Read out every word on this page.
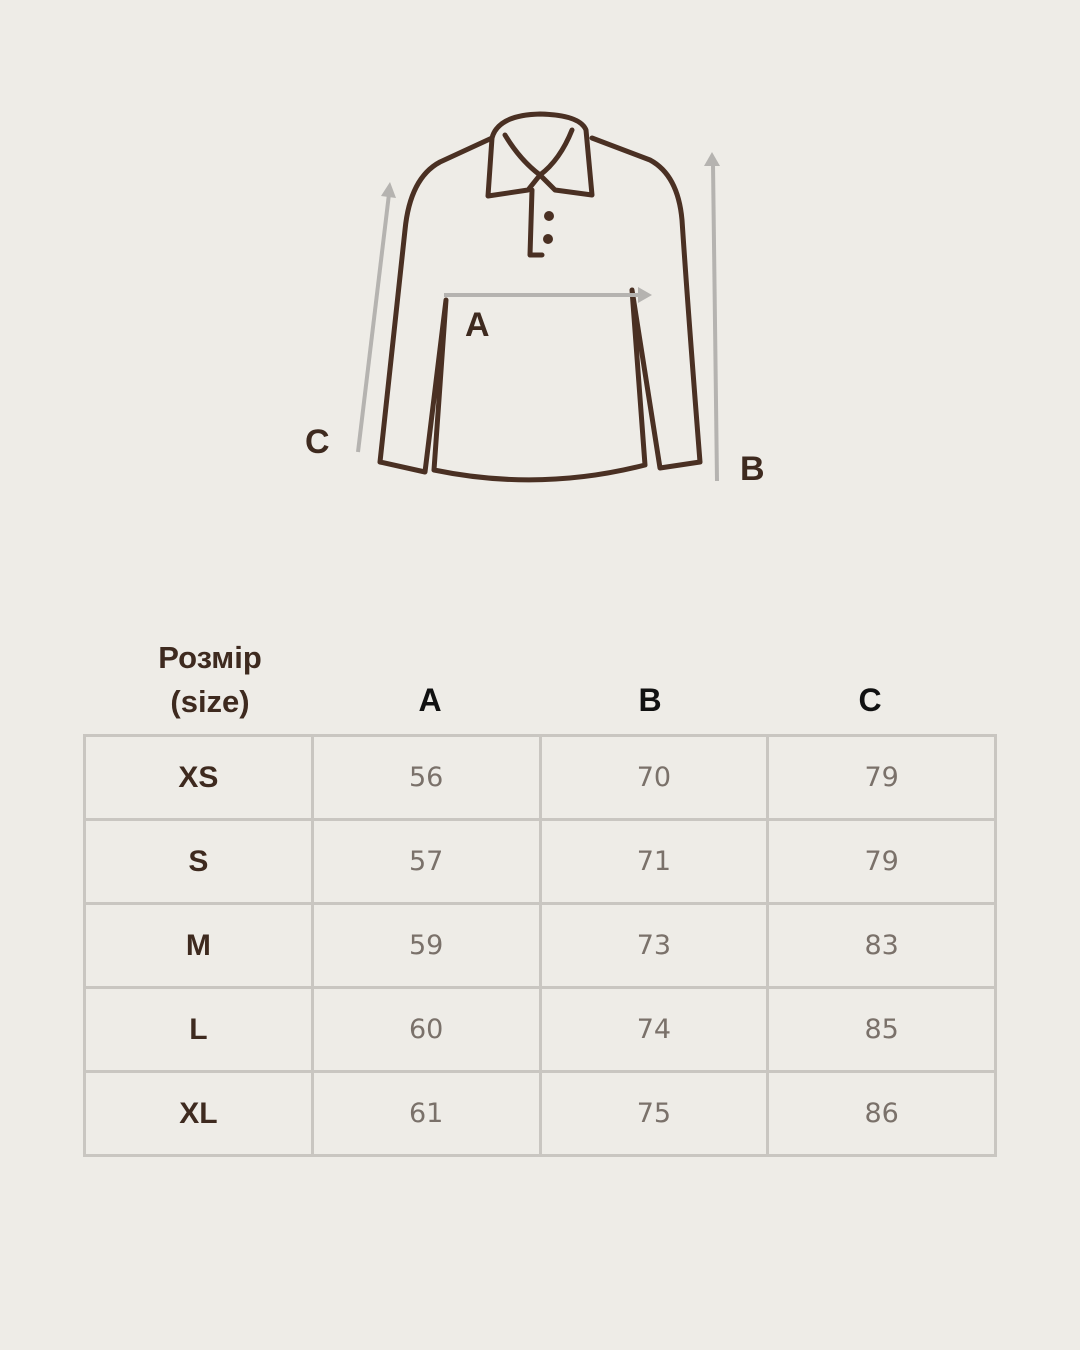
A
B
C
Розмір
(size)	A	B	C
XS	56	70	79
S	57	71	79
M	59	73	83
L	60	74	85
XL	61	75	86
